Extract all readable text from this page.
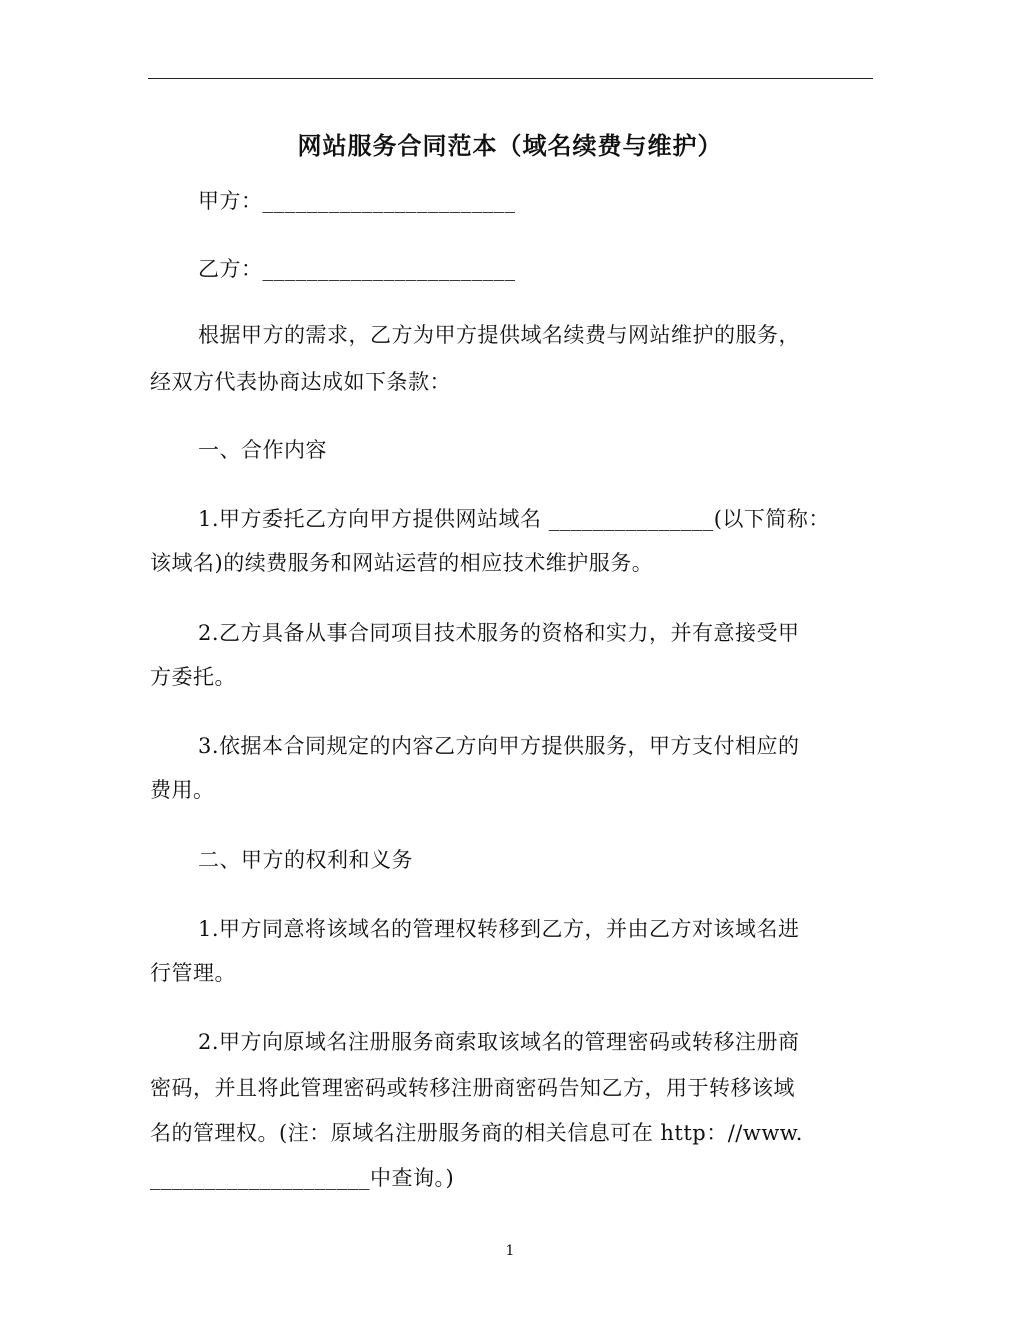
网站服务合同范本（域名续费与维护）
甲方：_______________________
乙方：_______________________
根据甲方的需求，乙方为甲方提供域名续费与网站维护的服务，
经双方代表协商达成如下条款：
一、合作内容
1.甲方委托乙方向甲方提供网站域名 _______________(以下简称：
该域名)的续费服务和网站运营的相应技术维护服务。
2.乙方具备从事合同项目技术服务的资格和实力，并有意接受甲
方委托。
3.依据本合同规定的内容乙方向甲方提供服务，甲方支付相应的
费用。
二、甲方的权利和义务
1.甲方同意将该域名的管理权转移到乙方，并由乙方对该域名进
行管理。
2.甲方向原域名注册服务商索取该域名的管理密码或转移注册商
密码，并且将此管理密码或转移注册商密码告知乙方，用于转移该域
名的管理权。(注：原域名注册服务商的相关信息可在 http：//www.
____________________中查询。)
1
